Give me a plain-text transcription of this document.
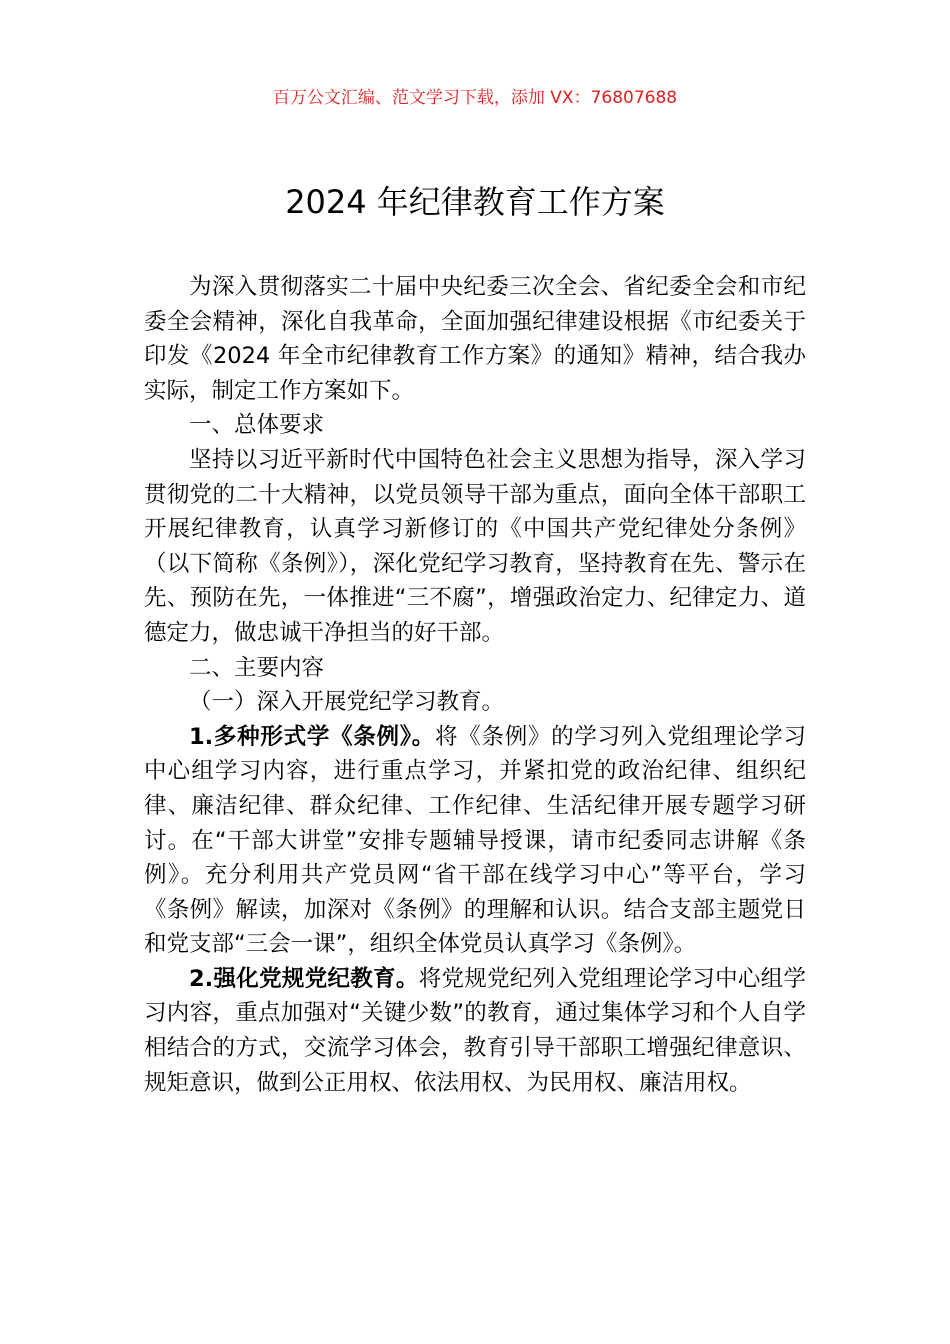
百万公文汇编、范文学习下载，添加 VX：76807688
2024 年纪律教育工作方案

为深入贯彻落实二十届中央纪委三次全会、省纪委全会和市纪委全会精神，深化自我革命，全面加强纪律建设根据《市纪委关于印发《2024 年全市纪律教育工作方案》的通知》精神，结合我办实际，制定工作方案如下。

一、总体要求

坚持以习近平新时代中国特色社会主义思想为指导，深入学习贯彻党的二十大精神，以党员领导干部为重点，面向全体干部职工开展纪律教育，认真学习新修订的《中国共产党纪律处分条例》（以下简称《条例》），深化党纪学习教育，坚持教育在先、警示在先、预防在先，一体推进“三不腐”，增强政治定力、纪律定力、道德定力，做忠诚干净担当的好干部。

二、主要内容

（一）深入开展党纪学习教育。

1.多种形式学《条例》。将《条例》的学习列入党组理论学习中心组学习内容，进行重点学习，并紧扣党的政治纪律、组织纪律、廉洁纪律、群众纪律、工作纪律、生活纪律开展专题学习研讨。在“干部大讲堂”安排专题辅导授课，请市纪委同志讲解《条例》。充分利用共产党员网“省干部在线学习中心”等平台，学习《条例》解读，加深对《条例》的理解和认识。结合支部主题党日和党支部“三会一课”，组织全体党员认真学习《条例》。

2.强化党规党纪教育。将党规党纪列入党组理论学习中心组学习内容，重点加强对“关键少数”的教育，通过集体学习和个人自学相结合的方式，交流学习体会，教育引导干部职工增强纪律意识、规矩意识，做到公正用权、依法用权、为民用权、廉洁用权。
